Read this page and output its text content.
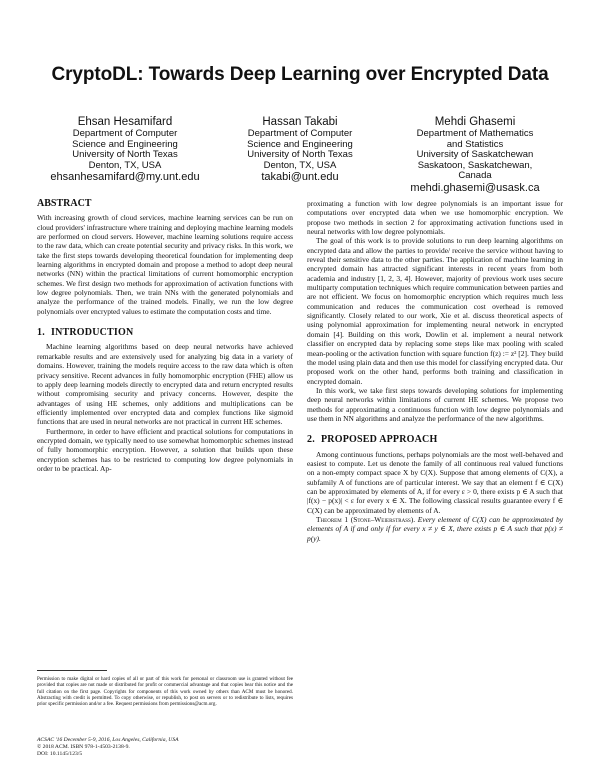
CryptoDL: Towards Deep Learning over Encrypted Data
Ehsan Hesamifard
Department of Computer
Science and Engineering
University of North Texas
Denton, TX, USA
ehsanhesamifard@my.unt.edu
Hassan Takabi
Department of Computer
Science and Engineering
University of North Texas
Denton, TX, USA
takabi@unt.edu
Mehdi Ghasemi
Department of Mathematics
and Statistics
University of Saskatchewan
Saskatoon, Saskatchewan,
Canada
mehdi.ghasemi@usask.ca
ABSTRACT

With increasing growth of cloud services, machine learning services can be run on cloud providers' infrastructure where training and deploying machine learning models are performed on cloud servers. However, machine learning solutions require access to the raw data, which can create potential security and privacy risks. In this work, we take the first steps towards developing theoretical foundation for implementing deep learning algorithms in encrypted domain and propose a method to adopt deep neural networks (NN) within the practical limitations of current homomorphic encryption schemes. We first design two methods for approximation of activation functions with low degree polynomials. Then, we train NNs with the generated polynomials and analyze the performance of the trained models. Finally, we run the low degree polynomials over encrypted values to estimate the computation costs and time.

1. INTRODUCTION

Machine learning algorithms based on deep neural networks have achieved remarkable results and are extensively used for analyzing big data in a variety of domains. However, training the models require access to the raw data which is often privacy sensitive. Recent advances in fully homomorphic encryption (FHE) allow us to apply deep learning models directly to encrypted data and return encrypted results without compromising security and privacy concerns. However, despite the advantages of using HE schemes, only additions and multiplications can be efficiently implemented over encrypted data and complex functions like sigmoid functions that are used in neural networks are not practical in current HE schemes.

Furthermore, in order to have efficient and practical solutions for computations in encrypted domain, we typically need to use somewhat homomorphic schemes instead of fully homomorphic encryption. However, a solution that builds upon these encryption schemes has to be restricted to computing low degree polynomials in order to be practical. Ap-

Permission to make digital or hard copies of all or part of this work for personal or classroom use is granted without fee provided that copies are not made or distributed for profit or commercial advantage and that copies bear this notice and the full citation on the first page. Copyrights for components of this work owned by others than ACM must be honored. Abstracting with credit is permitted. To copy otherwise, or republish, to post on servers or to redistribute to lists, requires prior specific permission and/or a fee. Request permissions from permissions@acm.org.
ACSAC '16 December 5-9, 2016, Los Angeles, California, USA
© 2018 ACM. ISBN 978-1-4503-2138-9.
DOI: 10.1145/123/5

proximating a function with low degree polynomials is an important issue for computations over encrypted data when we use homomorphic encryption. We propose two methods in section 2 for approximating activation functions used in neural networks with low degree polynomials.

The goal of this work is to provide solutions to run deep learning algorithms on encrypted data and allow the parties to provide/ receive the service without having to reveal their sensitive data to the other parties. The application of machine learning in encrypted domain has attracted significant interests in recent years from both academia and industry [1, 2, 3, 4]. However, majority of previous work uses secure multiparty computation techniques which require communication between parties and are not efficient. We focus on homomorphic encryption which requires much less communication and reduces the communication cost overhead is removed significantly. Closely related to our work, Xie et al. discuss theoretical aspects of using polynomial approximation for implementing neural network in encrypted domain [4]. Building on this work, Dowlin et al. implement a neural network classifier on encrypted data by replacing some steps like max pooling with scaled mean-pooling or the activation function with square function f(z) := z² [2]. They build the model using plain data and then use this model for classifying encrypted data. Our proposed work on the other hand, performs both training and classification in encrypted domain.

In this work, we take first steps towards developing solutions for implementing deep neural networks within limitations of current HE schemes. We propose two methods for approximating a continuous function with low degree polynomials and use them in NN algorithms and analyze the performance of the new algorithms.

2. PROPOSED APPROACH

Among continuous functions, perhaps polynomials are the most well-behaved and easiest to compute. Let us denote the family of all continuous real valued functions on a non-empty compact space X by C(X). Suppose that among elements of C(X), a subfamily A of functions are of particular interest. We say that an element f ∈ C(X) can be approximated by elements of A, if for every ε > 0, there exists p ∈ A such that |f(x) − p(x)| < ε for every x ∈ X. The following classical results guarantee every f ∈ C(X) can be approximated by elements of A.

Theorem 1 (Stone–Weierstrass). Every element of C(X) can be approximated by elements of A if and only if for every x ≠ y ∈ X, there exists p ∈ A such that p(x) ≠ p(y).
